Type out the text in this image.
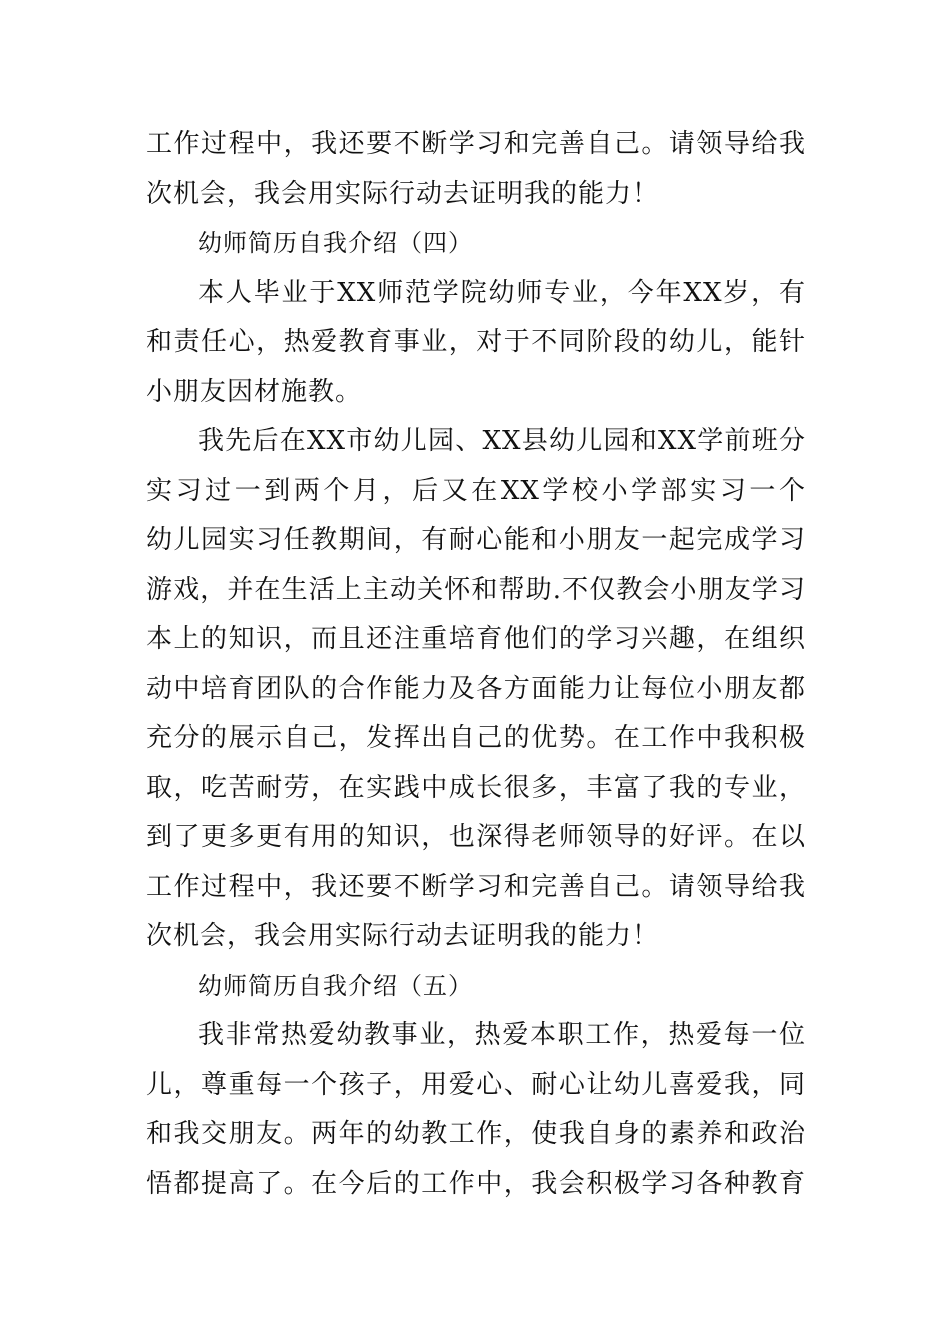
工作过程中，我还要不断学习和完善自己。请领导给我
次机会，我会用实际行动去证明我的能力！
幼师简历自我介绍（四）
本人毕业于XX师范学院幼师专业，今年XX岁，有
和责任心，热爱教育事业，对于不同阶段的幼儿，能针
小朋友因材施教。
我先后在XX市幼儿园、XX县幼儿园和XX学前班分
实习过一到两个月，后又在XX学校小学部实习一个
幼儿园实习任教期间，有耐心能和小朋友一起完成学习
游戏，并在生活上主动关怀和帮助.不仅教会小朋友学习
本上的知识，而且还注重培育他们的学习兴趣，在组织
动中培育团队的合作能力及各方面能力让每位小朋友都
充分的展示自己，发挥出自己的优势。在工作中我积极
取，吃苦耐劳，在实践中成长很多，丰富了我的专业，
到了更多更有用的知识，也深得老师领导的好评。在以
工作过程中，我还要不断学习和完善自己。请领导给我
次机会，我会用实际行动去证明我的能力！
幼师简历自我介绍（五）
我非常热爱幼教事业，热爱本职工作，热爱每一位
儿，尊重每一个孩子，用爱心、耐心让幼儿喜爱我，同
和我交朋友。两年的幼教工作，使我自身的素养和政治
悟都提高了。在今后的工作中，我会积极学习各种教育
